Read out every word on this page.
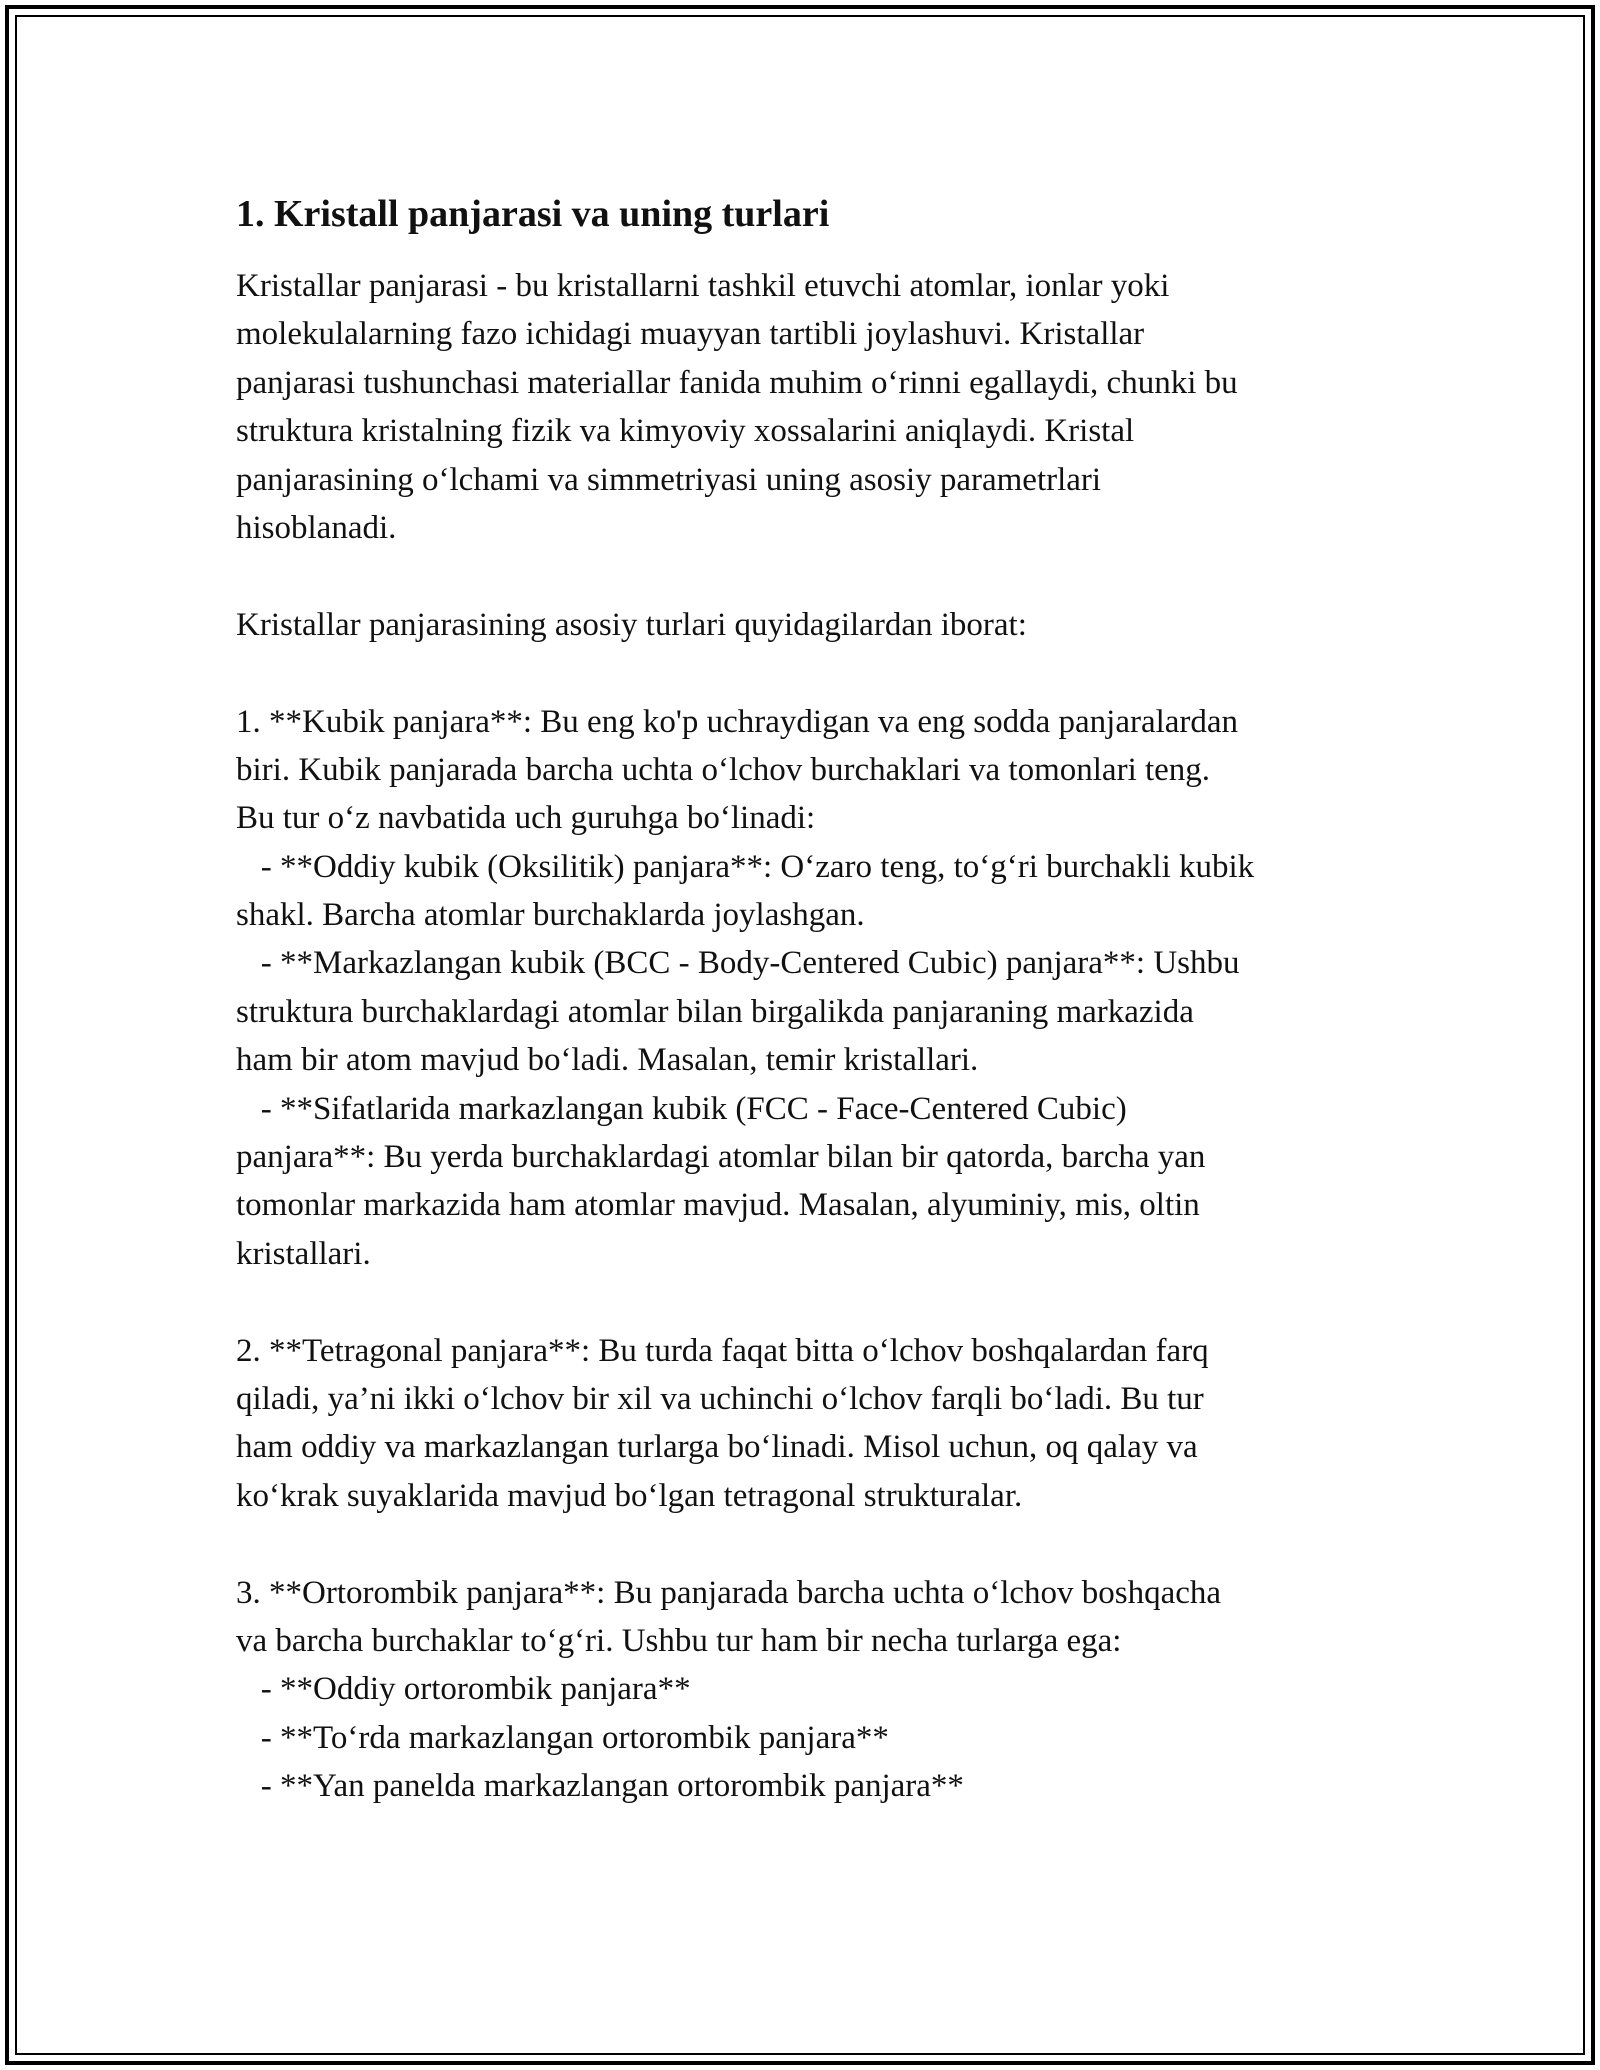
1. Kristall panjarasi va uning turlari
Kristallar panjarasi - bu kristallarni tashkil etuvchi atomlar, ionlar yoki
molekulalarning fazo ichidagi muayyan tartibli joylashuvi. Kristallar
panjarasi tushunchasi materiallar fanida muhim o‘rinni egallaydi, chunki bu
struktura kristalning fizik va kimyoviy xossalarini aniqlaydi. Kristal
panjarasining o‘lchami va simmetriyasi uning asosiy parametrlari
hisoblanadi.
Kristallar panjarasining asosiy turlari quyidagilardan iborat:
1. **Kubik panjara**: Bu eng ko'p uchraydigan va eng sodda panjaralardan
biri. Kubik panjarada barcha uchta o‘lchov burchaklari va tomonlari teng.
Bu tur o‘z navbatida uch guruhga bo‘linadi:
- **Oddiy kubik (Oksilitik) panjara**: O‘zaro teng, to‘g‘ri burchakli kubik
shakl. Barcha atomlar burchaklarda joylashgan.
- **Markazlangan kubik (BCC - Body-Centered Cubic) panjara**: Ushbu
struktura burchaklardagi atomlar bilan birgalikda panjaraning markazida
ham bir atom mavjud bo‘ladi. Masalan, temir kristallari.
- **Sifatlarida markazlangan kubik (FCC - Face-Centered Cubic)
panjara**: Bu yerda burchaklardagi atomlar bilan bir qatorda, barcha yan
tomonlar markazida ham atomlar mavjud. Masalan, alyuminiy, mis, oltin
kristallari.
2. **Tetragonal panjara**: Bu turda faqat bitta o‘lchov boshqalardan farq
qiladi, ya’ni ikki o‘lchov bir xil va uchinchi o‘lchov farqli bo‘ladi. Bu tur
ham oddiy va markazlangan turlarga bo‘linadi. Misol uchun, oq qalay va
ko‘krak suyaklarida mavjud bo‘lgan tetragonal strukturalar.
3. **Ortorombik panjara**: Bu panjarada barcha uchta o‘lchov boshqacha
va barcha burchaklar to‘g‘ri. Ushbu tur ham bir necha turlarga ega:
- **Oddiy ortorombik panjara**
- **To‘rda markazlangan ortorombik panjara**
- **Yan panelda markazlangan ortorombik panjara**
